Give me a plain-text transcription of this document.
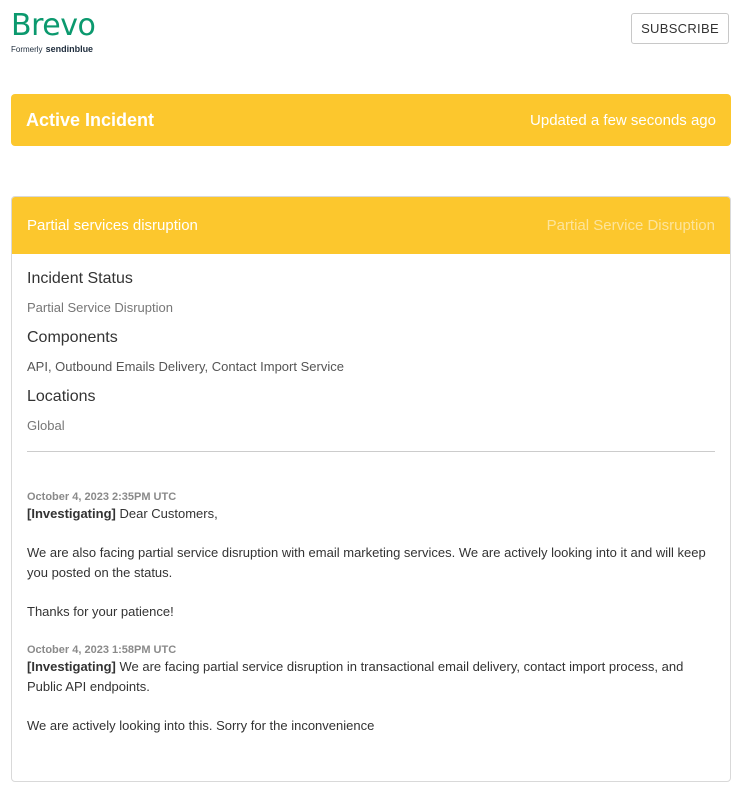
Brevo
Formerly sendinblue
SUBSCRIBE
Active Incident	Updated a few seconds ago
Partial services disruption	Partial Service Disruption
Incident Status
Partial Service Disruption
Components
API, Outbound Emails Delivery, Contact Import Service
Locations
Global
October 4, 2023 2:35PM UTC

[Investigating] Dear Customers,

We are also facing partial service disruption with email marketing services. We are actively looking into it and will keep you posted on the status.

Thanks for your patience!

October 4, 2023 1:58PM UTC

[Investigating] We are facing partial service disruption in transactional email delivery, contact import process, and Public API endpoints.

We are actively looking into this. Sorry for the inconvenience
